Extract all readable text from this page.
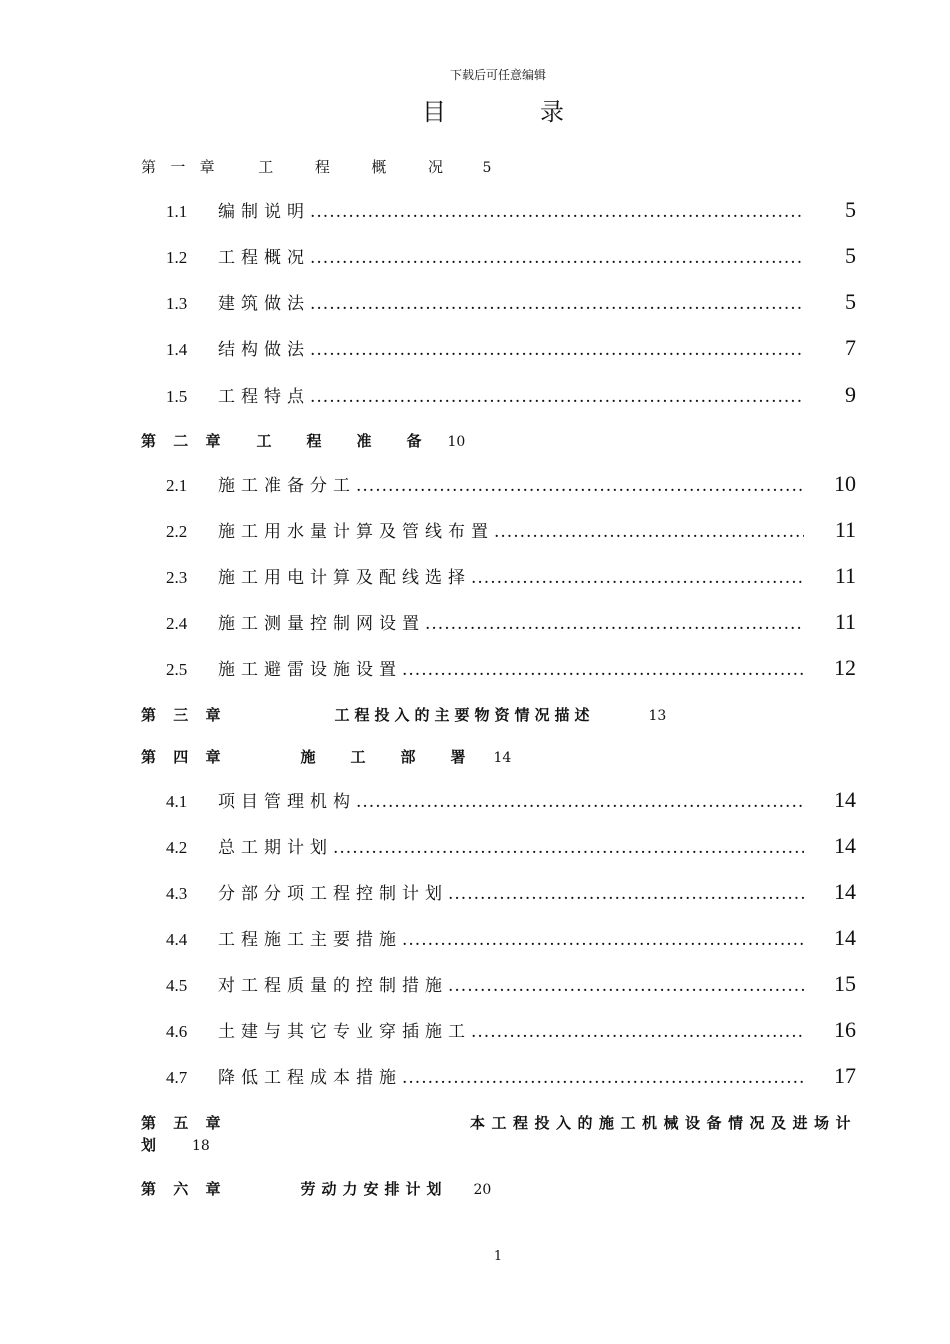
下载后可任意编辑
目	录
第 一 章	工	程	概	况	5
1.1	编制说明 .....	5
1.2	工程概况 .....	5
1.3	建筑做法 .....	5
1.4	结构做法 .....	7
1.5	工程特点 .....	9
第 二 章 工　程　准　备 10
2.1	施工准备分工 .....	10
2.2	施工用水量计算及管线布置 .....	11
2.3	施工用电计算及配线选择 .....	11
2.4	施工测量控制网设置 .....	11
2.5	施工避雷设施设置 .....	12
第 三 章	工程投入的主要物资情况描述	13
第 四 章	施　工　部　署 14
4.1	项目管理机构 .....	14
4.2	总工期计划 .....	14
4.3	分部分项工程控制计划 .....	14
4.4	工程施工主要措施 .....	14
4.5	对工程质量的控制措施 .....	15
4.6	土建与其它专业穿插施工 .....	16
4.7	降低工程成本措施 .....	17
第 五 章	本工程投入的施工机械设备情况及进场计
划	18
第 六 章	劳动力安排计划 20
1
